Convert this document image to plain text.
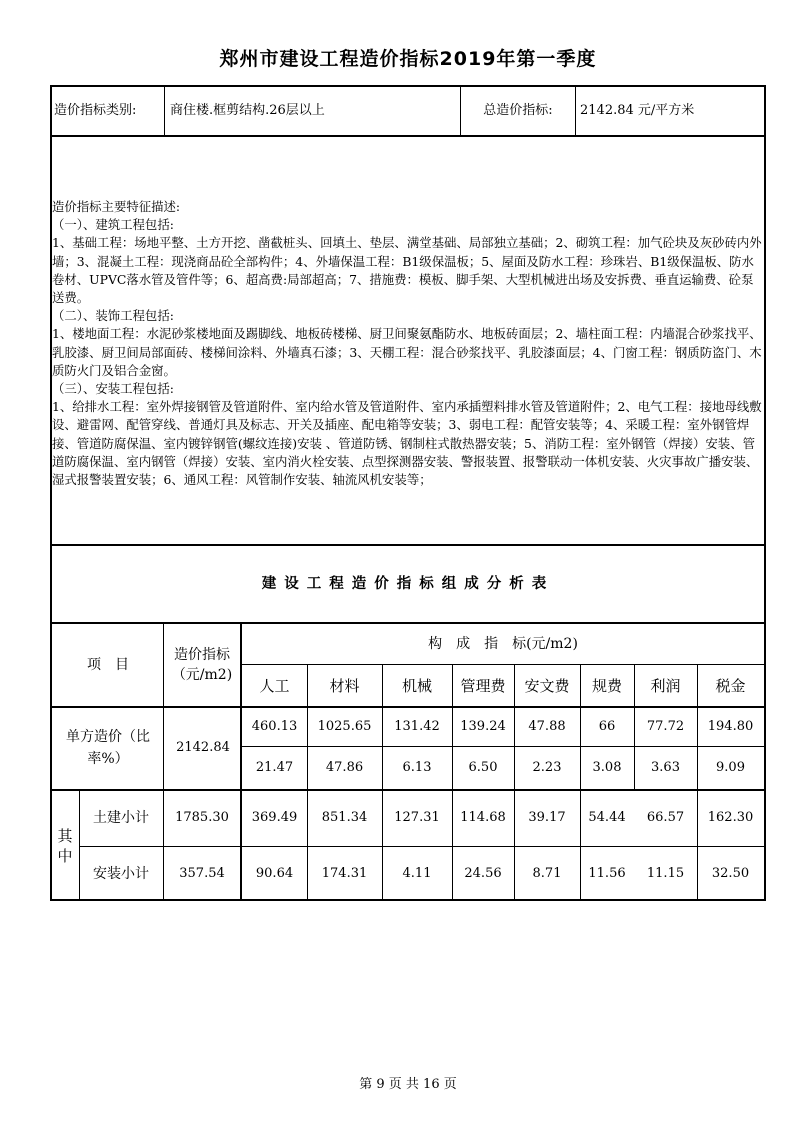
郑州市建设工程造价指标2019年第一季度
造价指标类别:	商住楼.框剪结构.26层以上	总造价指标:	2142.84 元/平方米

造价指标主要特征描述:

（一）、建筑工程包括:

1、基础工程：场地平整、土方开挖、凿截桩头、回填土、垫层、满堂基础、局部独立基础；2、砌筑工程：加气砼块及灰砂砖内外墙；3、混凝土工程：现浇商品砼全部构件；4、外墙保温工程：B1级保温板；5、屋面及防水工程：珍珠岩、B1级保温板、防水卷材、UPVC落水管及管件等；6、超高费:局部超高；7、措施费：模板、脚手架、大型机械进出场及安拆费、垂直运输费、砼泵送费。

（二）、装饰工程包括:

1、楼地面工程：水泥砂浆楼地面及踢脚线、地板砖楼梯、厨卫间聚氨酯防水、地板砖面层；2、墙柱面工程：内墙混合砂浆找平、乳胶漆、厨卫间局部面砖、楼梯间涂料、外墙真石漆；3、天棚工程：混合砂浆找平、乳胶漆面层；4、门窗工程：钢质防盗门、木质防火门及铝合金窗。

（三）、安装工程包括:

1、给排水工程：室外焊接钢管及管道附件、室内给水管及管道附件、室内承插塑料排水管及管道附件；2、电气工程：接地母线敷设、避雷网、配管穿线、普通灯具及标志、开关及插座、配电箱等安装；3、弱电工程：配管安装等；4、采暖工程：室外钢管焊接、管道防腐保温、室内镀锌钢管(螺纹连接)安装 、管道防锈、钢制柱式散热器安装；5、消防工程：室外钢管（焊接）安装、管道防腐保温、室内钢管（焊接）安装、室内消火栓安装、点型探测器安装、警报装置、报警联动一体机安装、火灾事故广播安装、湿式报警装置安装；6、通风工程：风管制作安装、轴流风机安装等；

建设工程造价指标组成分析表
项　目
造价指标（元/m2)
构　成　指　标(元/m2)
人工	材料	机械	管理费	安文费	规费	利润	税金
单方造价（比率%）
2142.84
460.13	1025.65	131.42	139.24	47.88	66	77.72	194.80
21.47	47.86	6.13	6.50	2.23	3.08	3.63	9.09
其中
土建小计	1785.30	369.49	851.34	127.31	114.68	39.17	54.44	66.57	162.30
安装小计	357.54	90.64	174.31	4.11	24.56	8.71	11.56	11.15	32.50
第 9 页 共 16 页
